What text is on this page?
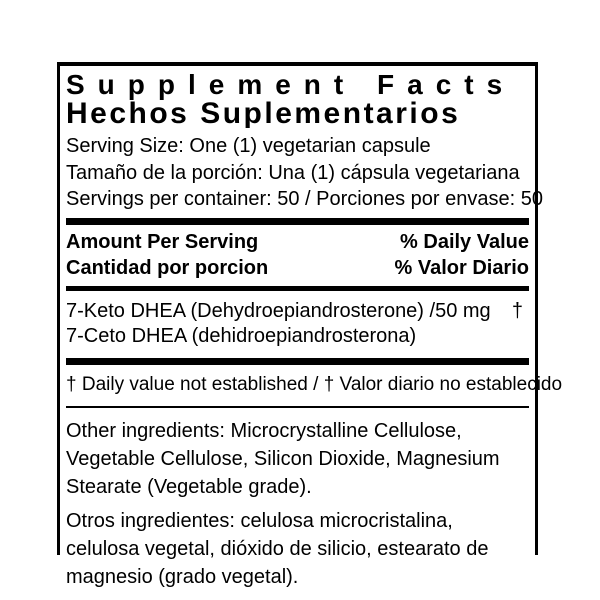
Supplement Facts
Hechos Suplementarios
Serving Size: One (1) vegetarian capsule
Tamaño de la porción: Una (1) cápsula vegetariana
Servings per container: 50 / Porciones por envase: 50
Amount Per Serving	% Daily Value
Cantidad por porcion	% Valor Diario
7-Keto DHEA (Dehydroepiandrosterone) /50 mg †
7-Ceto DHEA (dehidroepiandrosterona)
† Daily value not established / † Valor diario no establecido
Other ingredients: Microcrystalline Cellulose, Vegetable Cellulose, Silicon Dioxide, Magnesium Stearate (Vegetable grade).
Otros ingredientes: celulosa microcristalina, celulosa vegetal, dióxido de silicio, estearato de magnesio (grado vegetal).
